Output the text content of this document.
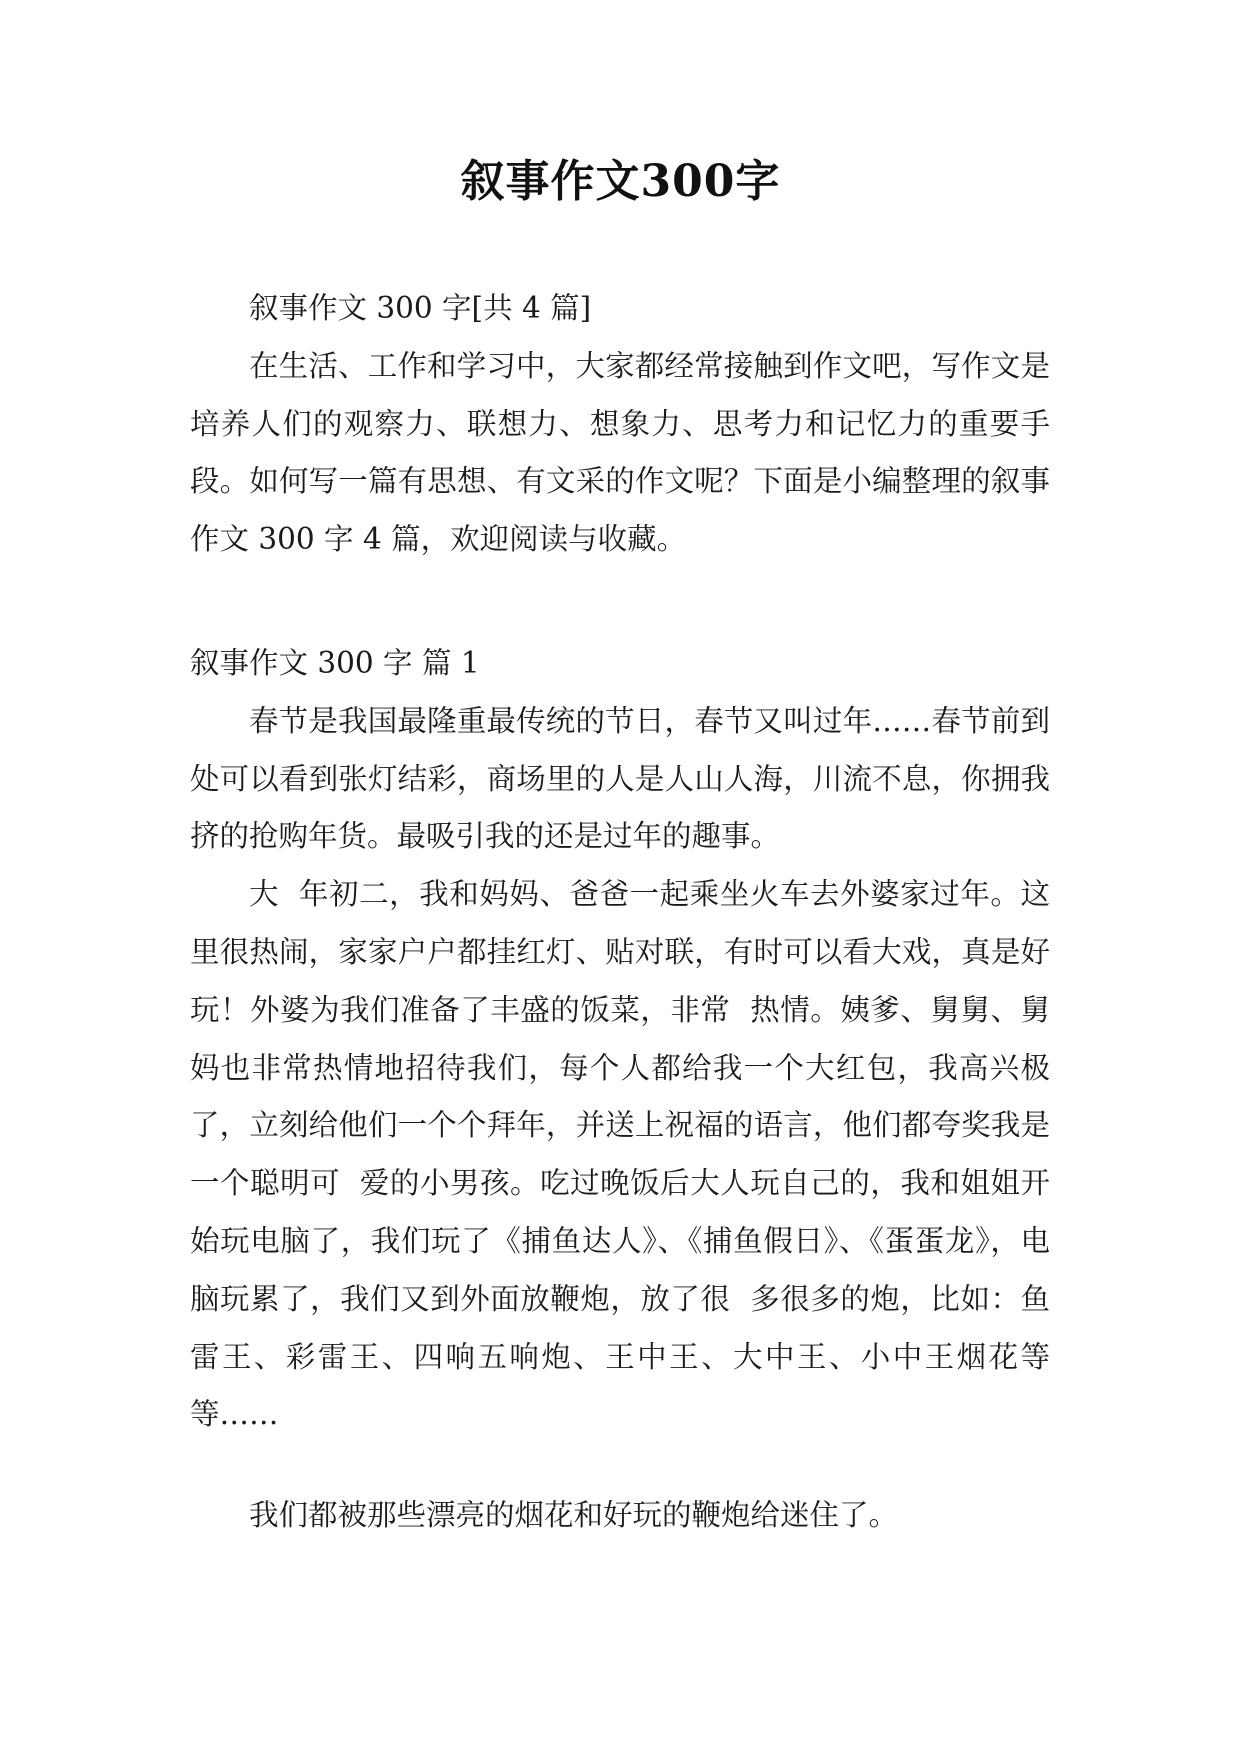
叙事作文300字

叙事作文 300 字[共 4 篇]

在生活、工作和学习中，大家都经常接触到作文吧，写作文是培养人们的观察力、联想力、想象力、思考力和记忆力的重要手段。如何写一篇有思想、有文采的作文呢？下面是小编整理的叙事作文 300 字 4 篇，欢迎阅读与收藏。

叙事作文 300 字 篇 1

春节是我国最隆重最传统的节日，春节又叫过年……春节前到处可以看到张灯结彩，商场里的人是人山人海，川流不息，你拥我挤的抢购年货。最吸引我的还是过年的趣事。

大  年初二，我和妈妈、爸爸一起乘坐火车去外婆家过年。这里很热闹，家家户户都挂红灯、贴对联，有时可以看大戏，真是好玩！外婆为我们准备了丰盛的饭菜，非常  热情。姨爹、舅舅、舅妈也非常热情地招待我们，每个人都给我一个大红包，我高兴极了，立刻给他们一个个拜年，并送上祝福的语言，他们都夸奖我是一个聪明可  爱的小男孩。吃过晚饭后大人玩自己的，我和姐姐开始玩电脑了，我们玩了《捕鱼达人》、《捕鱼假日》、《蛋蛋龙》，电脑玩累了，我们又到外面放鞭炮，放了很  多很多的炮，比如：鱼雷王、彩雷王、四响五响炮、王中王、大中王、小中王烟花等等……

我们都被那些漂亮的烟花和好玩的鞭炮给迷住了。
